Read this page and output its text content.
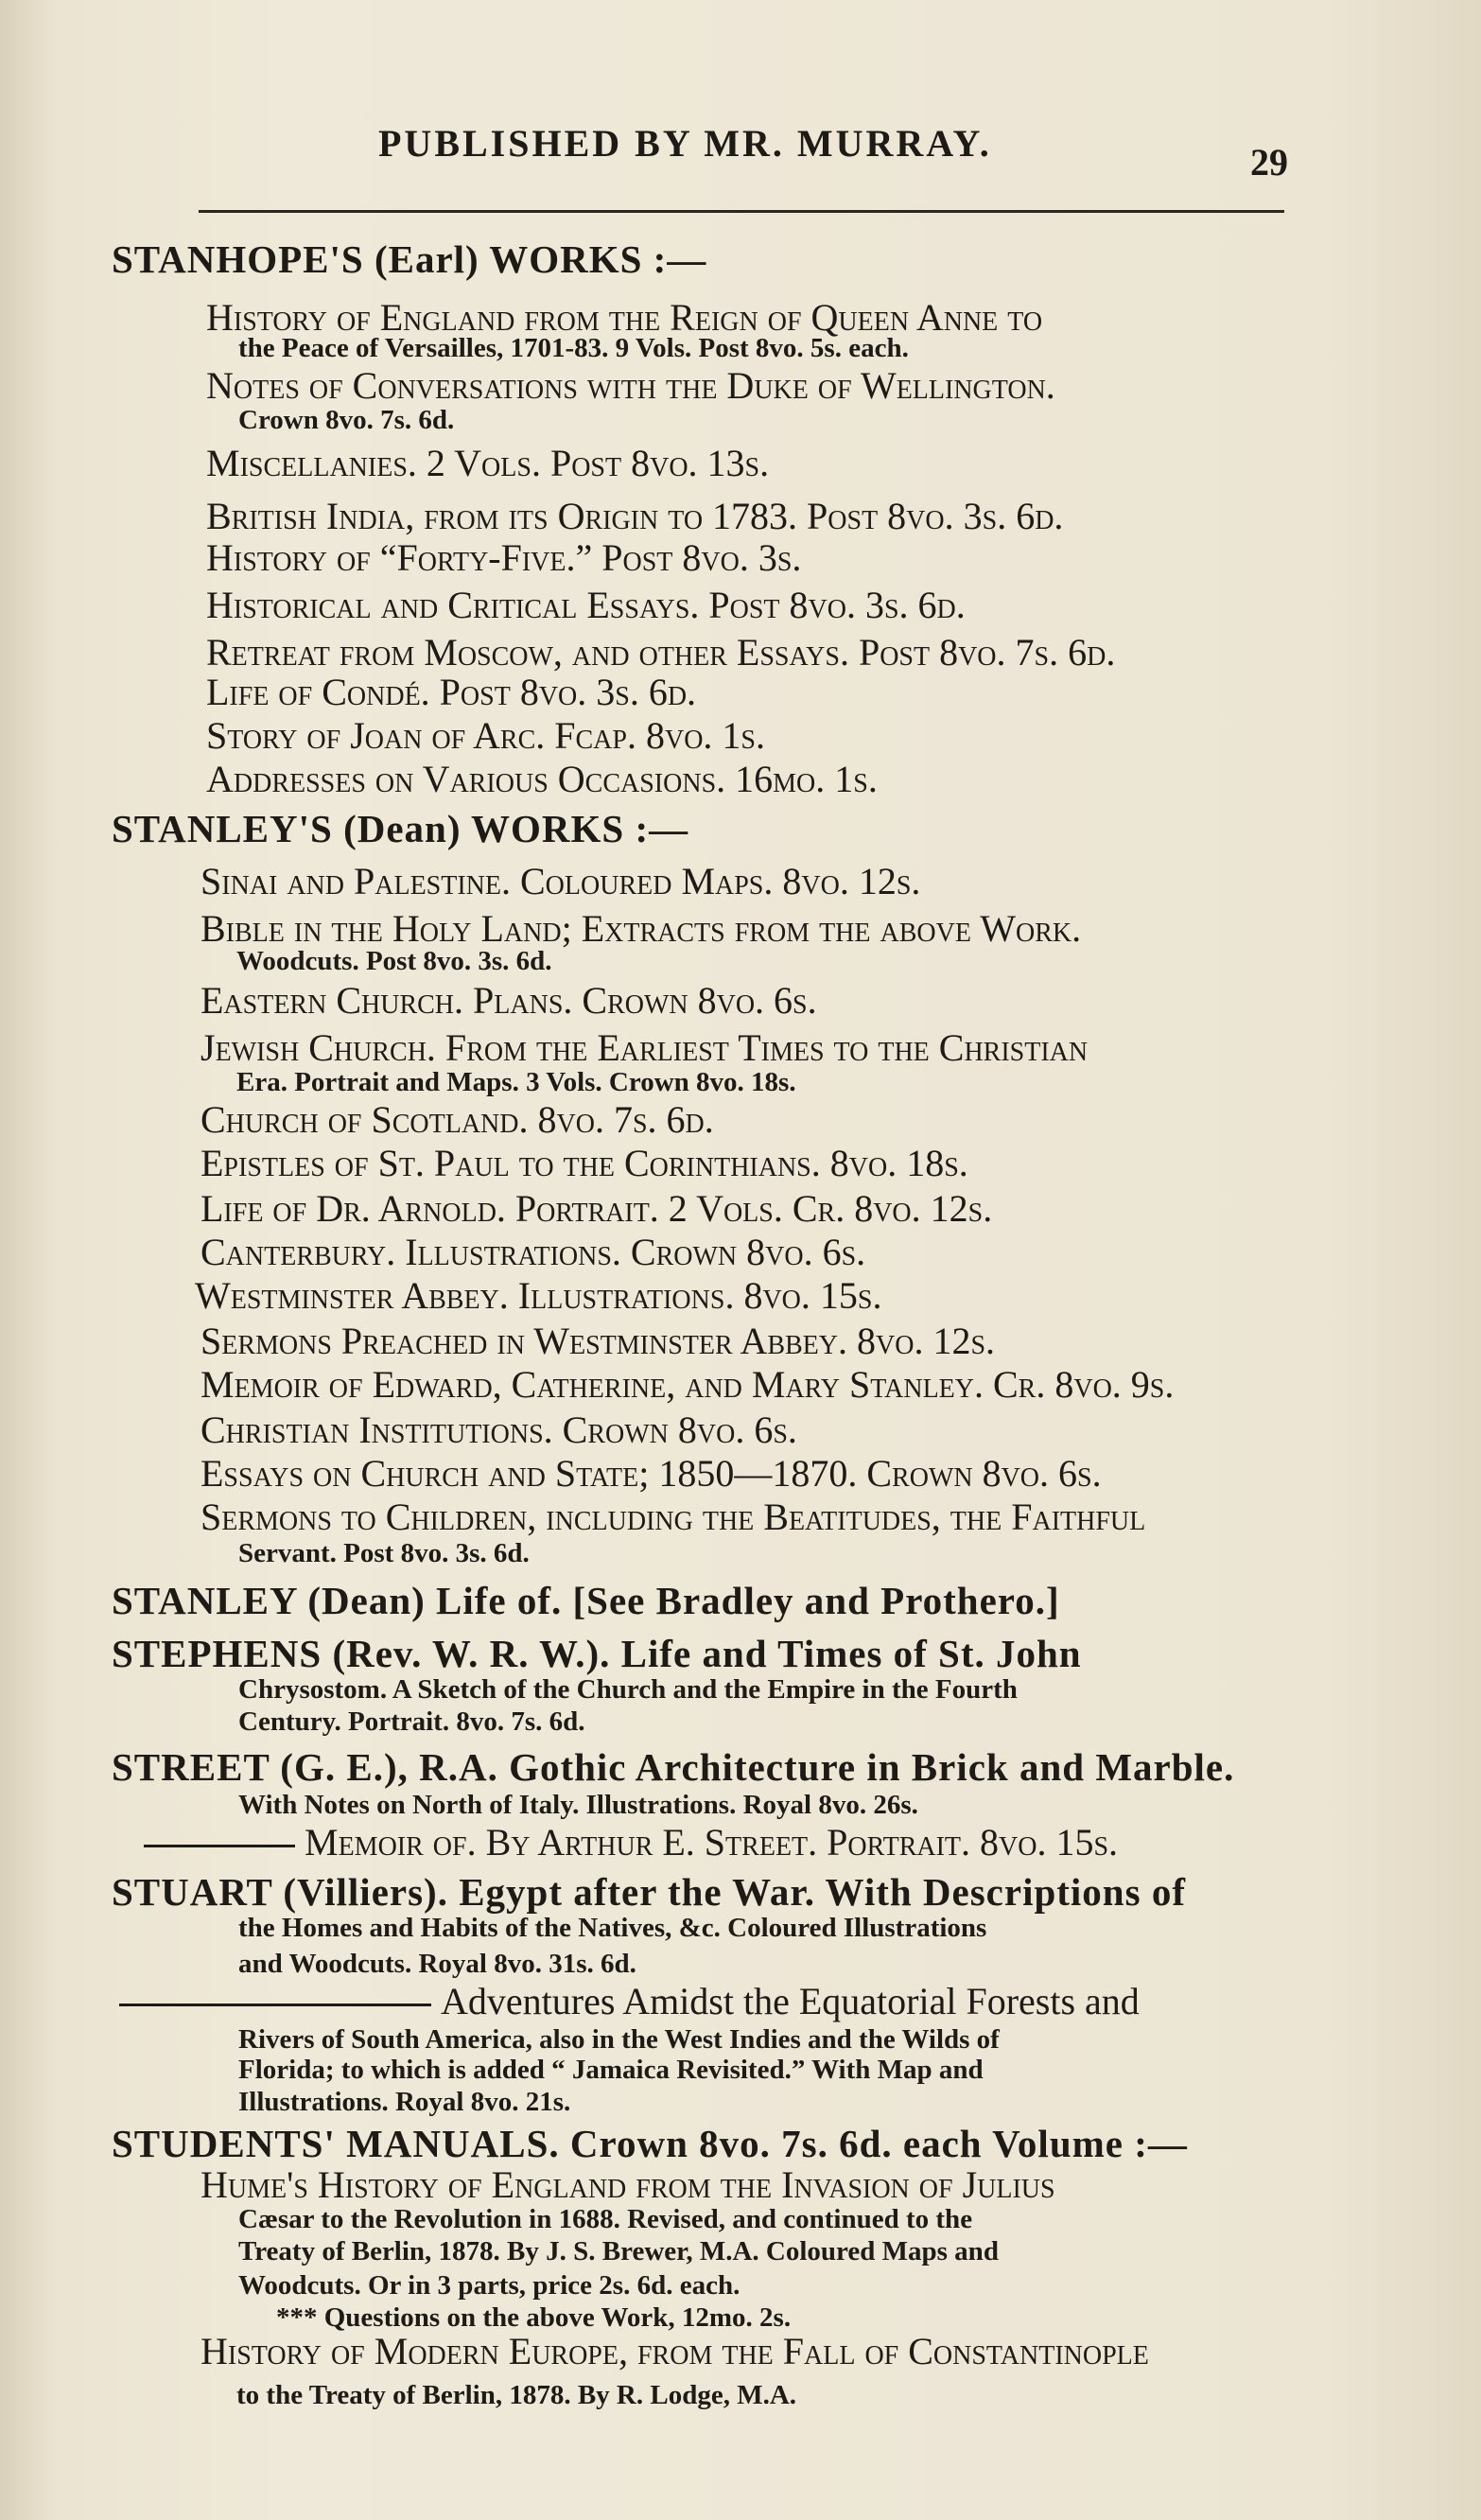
PUBLISHED BY MR. MURRAY.	29
STANHOPE'S (Earl) WORKS :—
History of England from the Reign of Queen Anne to
the Peace of Versailles, 1701-83. 9 Vols. Post 8vo. 5s. each.
Notes of Conversations with the Duke of Wellington.
Crown 8vo. 7s. 6d.
Miscellanies. 2 Vols. Post 8vo. 13s.
British India, from its Origin to 1783. Post 8vo. 3s. 6d.
History of “Forty-Five.” Post 8vo. 3s.
Historical and Critical Essays. Post 8vo. 3s. 6d.
Retreat from Moscow, and other Essays. Post 8vo. 7s. 6d.
Life of Condé. Post 8vo. 3s. 6d.
Story of Joan of Arc. Fcap. 8vo. 1s.
Addresses on Various Occasions. 16mo. 1s.
STANLEY'S (Dean) WORKS :—
Sinai and Palestine. Coloured Maps. 8vo. 12s.
Bible in the Holy Land; Extracts from the above Work.
Woodcuts. Post 8vo. 3s. 6d.
Eastern Church. Plans. Crown 8vo. 6s.
Jewish Church. From the Earliest Times to the Christian
Era. Portrait and Maps. 3 Vols. Crown 8vo. 18s.
Church of Scotland. 8vo. 7s. 6d.
Epistles of St. Paul to the Corinthians. 8vo. 18s.
Life of Dr. Arnold. Portrait. 2 Vols. Cr. 8vo. 12s.
Canterbury. Illustrations. Crown 8vo. 6s.
Westminster Abbey. Illustrations. 8vo. 15s.
Sermons Preached in Westminster Abbey. 8vo. 12s.
Memoir of Edward, Catherine, and Mary Stanley. Cr. 8vo. 9s.
Christian Institutions. Crown 8vo. 6s.
Essays on Church and State; 1850—1870. Crown 8vo. 6s.
Sermons to Children, including the Beatitudes, the Faithful
Servant. Post 8vo. 3s. 6d.
STANLEY (Dean) Life of. [See Bradley and Prothero.]
STEPHENS (Rev. W. R. W.). Life and Times of St. John
Chrysostom. A Sketch of the Church and the Empire in the Fourth
Century. Portrait. 8vo. 7s. 6d.
STREET (G. E.), R.A. Gothic Architecture in Brick and Marble.
With Notes on North of Italy. Illustrations. Royal 8vo. 26s.
Memoir of. By Arthur E. Street. Portrait. 8vo. 15s.
STUART (Villiers). Egypt after the War. With Descriptions of
the Homes and Habits of the Natives, &c. Coloured Illustrations
and Woodcuts. Royal 8vo. 31s. 6d.
Adventures Amidst the Equatorial Forests and
Rivers of South America, also in the West Indies and the Wilds of
Florida; to which is added “ Jamaica Revisited.” With Map and
Illustrations. Royal 8vo. 21s.
STUDENTS' MANUALS. Crown 8vo. 7s. 6d. each Volume :—
Hume's History of England from the Invasion of Julius
Cæsar to the Revolution in 1688. Revised, and continued to the
Treaty of Berlin, 1878. By J. S. Brewer, M.A. Coloured Maps and
Woodcuts. Or in 3 parts, price 2s. 6d. each.
*** Questions on the above Work, 12mo. 2s.
History of Modern Europe, from the Fall of Constantinople
to the Treaty of Berlin, 1878. By R. Lodge, M.A.
